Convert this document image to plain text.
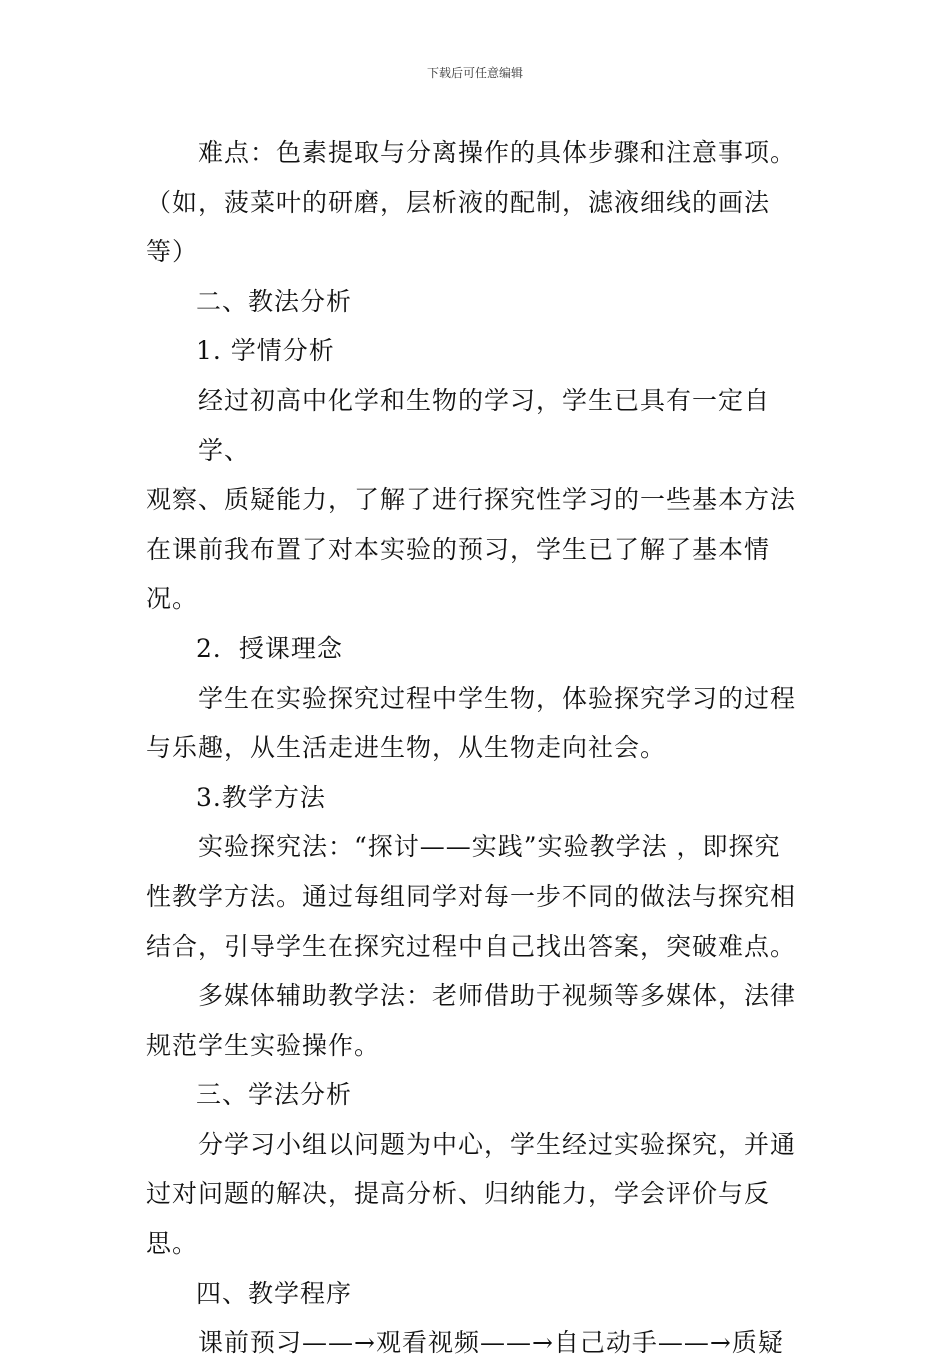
下载后可任意编辑

难点：色素提取与分离操作的具体步骤和注意事项。

（如，菠菜叶的研磨，层析液的配制，滤液细线的画法

等）

二、教法分析

1. 学情分析

经过初高中化学和生物的学习，学生已具有一定自学、

观察、质疑能力，了解了进行探究性学习的一些基本方法

在课前我布置了对本实验的预习，学生已了解了基本情况。

2．授课理念

学生在实验探究过程中学生物，体验探究学习的过程

与乐趣，从生活走进生物，从生物走向社会。

3.教学方法

实验探究法：“探讨——实践”实验教学法 ，即探究

性教学方法。通过每组同学对每一步不同的做法与探究相

结合，引导学生在探究过程中自己找出答案，突破难点。

多媒体辅助教学法：老师借助于视频等多媒体，法律

规范学生实验操作。

三、学法分析

分学习小组以问题为中心，学生经过实验探究，并通

过对问题的解决，提高分析、归纳能力，学会评价与反思。

四、教学程序

课前预习——→观看视频——→自己动手——→质疑
